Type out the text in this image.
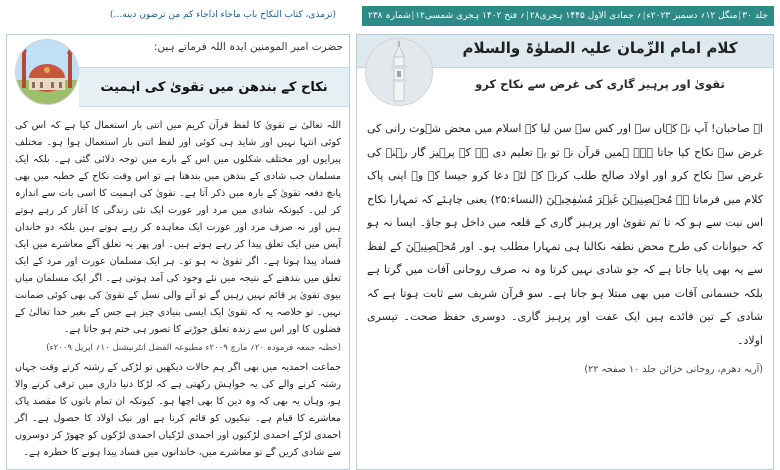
(ترمذی، کتاب النکاح باب ماجاء اذاجاء کم من ترضون دینه…)	جلد ۳۰
|
منگل ۱۲؍ دسمبر ۲۰۲۳ء
|
۲۸؍ جمادی الاول ۱۴۴۵ ہجری
|
۱۲؍ فتح ۱۴۰۲ ہجری شمسی
|
شمارہ ۲۳۸
حضرت امیر المومنین ایدہ اللہ فرماتے ہیں:
نکاح کے بندھن میں تقویٰ کی اہمیت

اللہ تعالیٰ نے تقویٰ کا لفظ قرآن کریم میں اتنی بار استعمال کیا ہے کہ اس کی کوئی انتہا نہیں اور شاید ہی کوئی اور لفظ اتنی بار استعمال ہوا ہو۔ مختلف پیرایوں اور مختلف شکلوں میں اس کے بارے میں توجہ دلائی گئی ہے۔ بلکہ ایک مسلمان جب شادی کے بندھن میں بندھتا ہے تو اس وقت نکاح کے خطبہ میں بھی پانچ دفعہ تقویٰ کے بارہ میں ذکر آتا ہے۔ تقویٰ کی اہمیت کا اسی بات سے اندازہ کر لیں۔ کیونکہ شادی میں مرد اور عورت ایک نئی زندگی کا آغاز کر رہے ہوتے ہیں اور نہ صرف مرد اور عورت ایک معاہدہ کر رہے ہوتے ہیں بلکہ دو خاندان آپس میں ایک تعلق پیدا کر رہے ہوتے ہیں۔ اور پھر یہ تعلق آگے معاشرے میں ایک فساد پیدا ہوتا ہے۔ اگر تقویٰ نہ ہو تو۔ ہر ایک مسلمان عورت اور مرد کے ایک تعلق میں بندھنے کے نتیجہ میں نئے وجود کی آمد ہوتی ہے۔ اگر ایک مسلمان میاں بیوی تقویٰ پر قائم نہیں رہیں گے تو آنے والی نسل کے تقویٰ کی بھی کوئی ضمانت نہیں۔ تو خلاصہ یہ کہ تقویٰ ایک ایسی بنیادی چیز ہے جس کے بغیر خدا تعالیٰ کے فضلوں کا اور اس سے زندہ تعلق جوڑنے کا تصور ہی ختم ہو جاتا ہے۔

(خطبہ جمعہ فرمودہ ۲۰؍ مارچ ۲۰۰۹ء مطبوعہ الفضل انٹرنیشنل ۱۰؍ اپریل ۲۰۰۹ء)

جماعت احمدیہ میں بھی اگر ہم حالات دیکھیں تو لڑکی کے رشتہ کرتے وقت جہاں رشتہ کرنے والے کی یہ خواہش رکھتی ہے کہ لڑکا دنیا داری میں ترقی کرنے والا ہو، وہاں یہ بھی کہ وہ دین کا بھی اچھا ہو۔ کیونکہ ان تمام باتوں کا مقصد پاک معاشرے کا قیام ہے۔ نیکیوں کو قائم کرنا ہے اور نیک اولاد کا حصول ہے۔ اگر احمدی لڑکے احمدی لڑکیوں اور احمدی لڑکیاں احمدی لڑکوں کو چھوڑ کر دوسروں سے شادی کریں گے تو معاشرے میں، خاندانوں میں فساد پیدا ہونے کا خطرہ ہے۔

کلام امام الزّمان علیہ الصلوٰۃ والسلام
تقویٰ اور پرہیز گاری کی غرض سے نکاح کرو

اے صاحبان! آپ نے کہاں سے اور کس سے سن لیا کہ اسلام میں محض شہوت رانی کی غرض سے نکاح کیا جاتا ہے۔ ہمیں قرآن نے تو یہ تعلیم دی ہے کہ پرہیز گار رہنے کی غرض سے نکاح کرو اور اولاد صالح طلب کرنے کے لئے دعا کرو جیسا کہ وہ اپنی پاک کلام میں فرماتا ہے مُحۡصِنِیۡنَ غَیۡرَ مُسٰفِحِیۡنَ (النساء:۲۵) یعنی چاہئے کہ تمہارا نکاح اس نیت سے ہو کہ تا تم تقویٰ اور پرہیز گاری کے قلعہ میں داخل ہو جاؤ۔ ایسا نہ ہو کہ حیوانات کی طرح محض نطفہ نکالنا ہی تمہارا مطلب ہو۔ اور مُحۡصِنِیۡنَ کے لفظ سے یہ بھی پایا جاتا ہے کہ جو شادی نہیں کرتا وہ نہ صرف روحانی آفات میں گرتا ہے بلکہ جسمانی آفات میں بھی مبتلا ہو جاتا ہے۔ سو قرآن شریف سے ثابت ہوتا ہے کہ شادی کے تین فائدے ہیں ایک عفت اور پرہیز گاری۔ دوسری حفظ صحت۔ تیسری اولاد۔

(آریہ دھرم، روحانی خزائن جلد ۱۰ صفحہ ۲۲)
